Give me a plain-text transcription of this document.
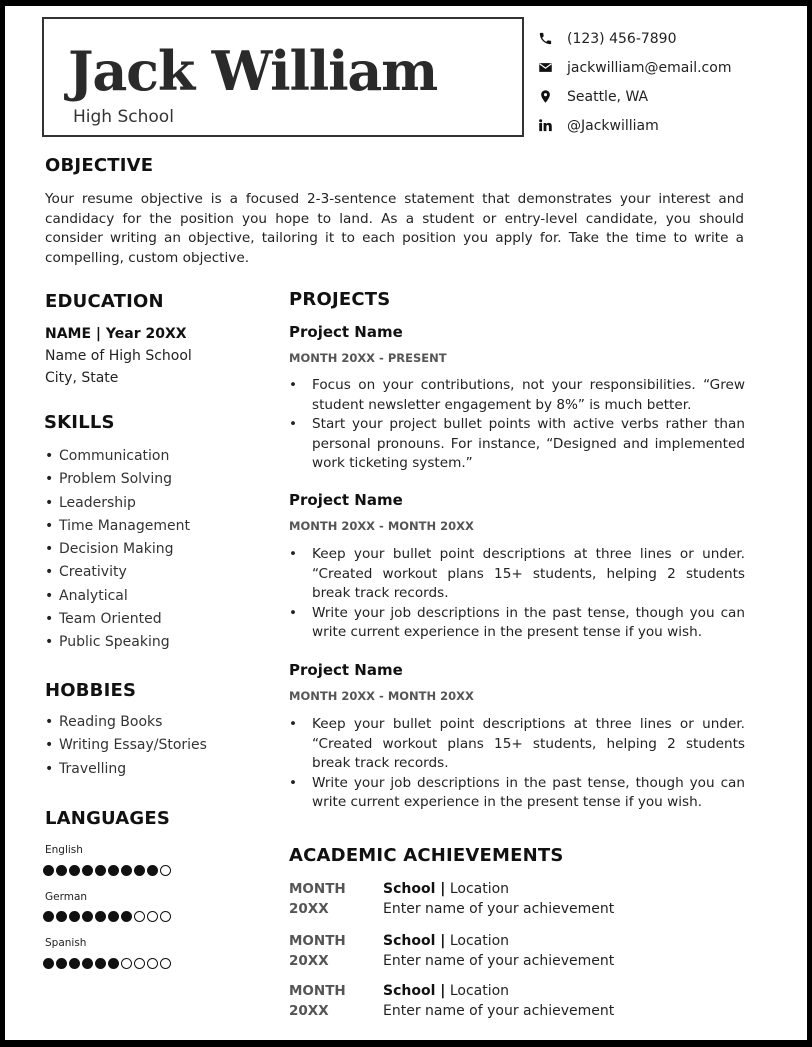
Jack William
High School
(123) 456-7890
jackwilliam@email.com
Seattle, WA
@Jackwilliam
OBJECTIVE
Your resume objective is a focused 2-3-sentence statement that demonstrates your interest and candidacy for the position you hope to land. As a student or entry-level candidate, you should consider writing an objective, tailoring it to each position you apply for. Take the time to write a compelling, custom objective.
EDUCATION
NAME | Year 20XX
Name of High School
City, State
SKILLS
• Communication
• Problem Solving
• Leadership
• Time Management
• Decision Making
• Creativity
• Analytical
• Team Oriented
• Public Speaking
HOBBIES
• Reading Books
• Writing Essay/Stories
• Travelling
LANGUAGES
English
German
Spanish
PROJECTS
Project Name
MONTH 20XX - PRESENT
• Focus on your contributions, not your responsibilities. “Grew student newsletter engagement by 8%” is much better.
• Start your project bullet points with active verbs rather than personal pronouns. For instance, “Designed and implemented work ticketing system.”
Project Name
MONTH 20XX - MONTH 20XX
• Keep your bullet point descriptions at three lines or under. “Created workout plans 15+ students, helping 2 students break track records.
• Write your job descriptions in the past tense, though you can write current experience in the present tense if you wish.
Project Name
MONTH 20XX - MONTH 20XX
• Keep your bullet point descriptions at three lines or under. “Created workout plans 15+ students, helping 2 students break track records.
• Write your job descriptions in the past tense, though you can write current experience in the present tense if you wish.
ACADEMIC ACHIEVEMENTS
MONTH
20XX
School | Location
Enter name of your achievement
MONTH
20XX
School | Location
Enter name of your achievement
MONTH
20XX
School | Location
Enter name of your achievement
